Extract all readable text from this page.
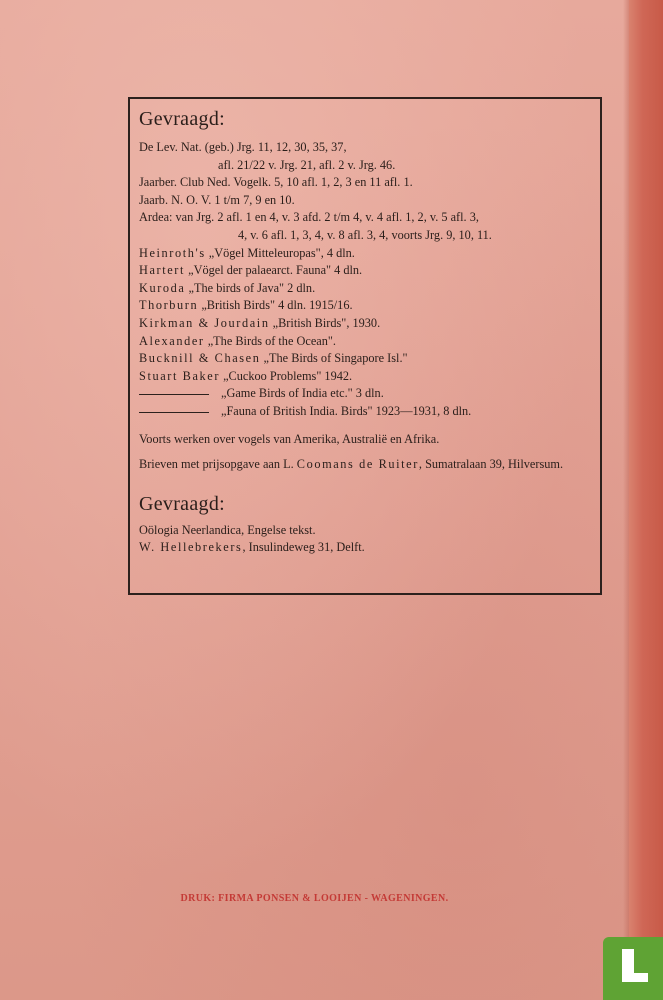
Gevraagd:
De Lev. Nat. (geb.) Jrg. 11, 12, 30, 35, 37,
afl. 21/22 v. Jrg. 21, afl. 2 v. Jrg. 46.
Jaarber. Club Ned. Vogelk. 5, 10 afl. 1, 2, 3 en 11 afl. 1.
Jaarb. N. O. V. 1 t/m 7, 9 en 10.
Ardea: van Jrg. 2 afl. 1 en 4, v. 3 afd. 2 t/m 4, v. 4 afl. 1, 2, v. 5 afl. 3,
4, v. 6 afl. 1, 3, 4, v. 8 afl. 3, 4, voorts Jrg. 9, 10, 11.
Heinroth's „Vögel Mitteleuropas", 4 dln.
Hartert „Vögel der palaearct. Fauna" 4 dln.
Kuroda „The birds of Java" 2 dln.
Thorburn „British Birds" 4 dln. 1915/16.
Kirkman & Jourdain „British Birds", 1930.
Alexander „The Birds of the Ocean".
Bucknill & Chasen „The Birds of Singapore Isl."
Stuart Baker „Cuckoo Problems" 1942.
„Game Birds of India etc." 3 dln.
„Fauna of British India. Birds" 1923—1931, 8 dln.
Voorts werken over vogels van Amerika, Australië en Afrika.
Brieven met prijsopgave aan L. Coomans de Ruiter, Sumatralaan 39, Hilversum.
Gevraagd:
Oölogia Neerlandica, Engelse tekst.
W. Hellebrekers, Insulindeweg 31, Delft.
DRUK: FIRMA PONSEN & LOOIJEN - WAGENINGEN.
